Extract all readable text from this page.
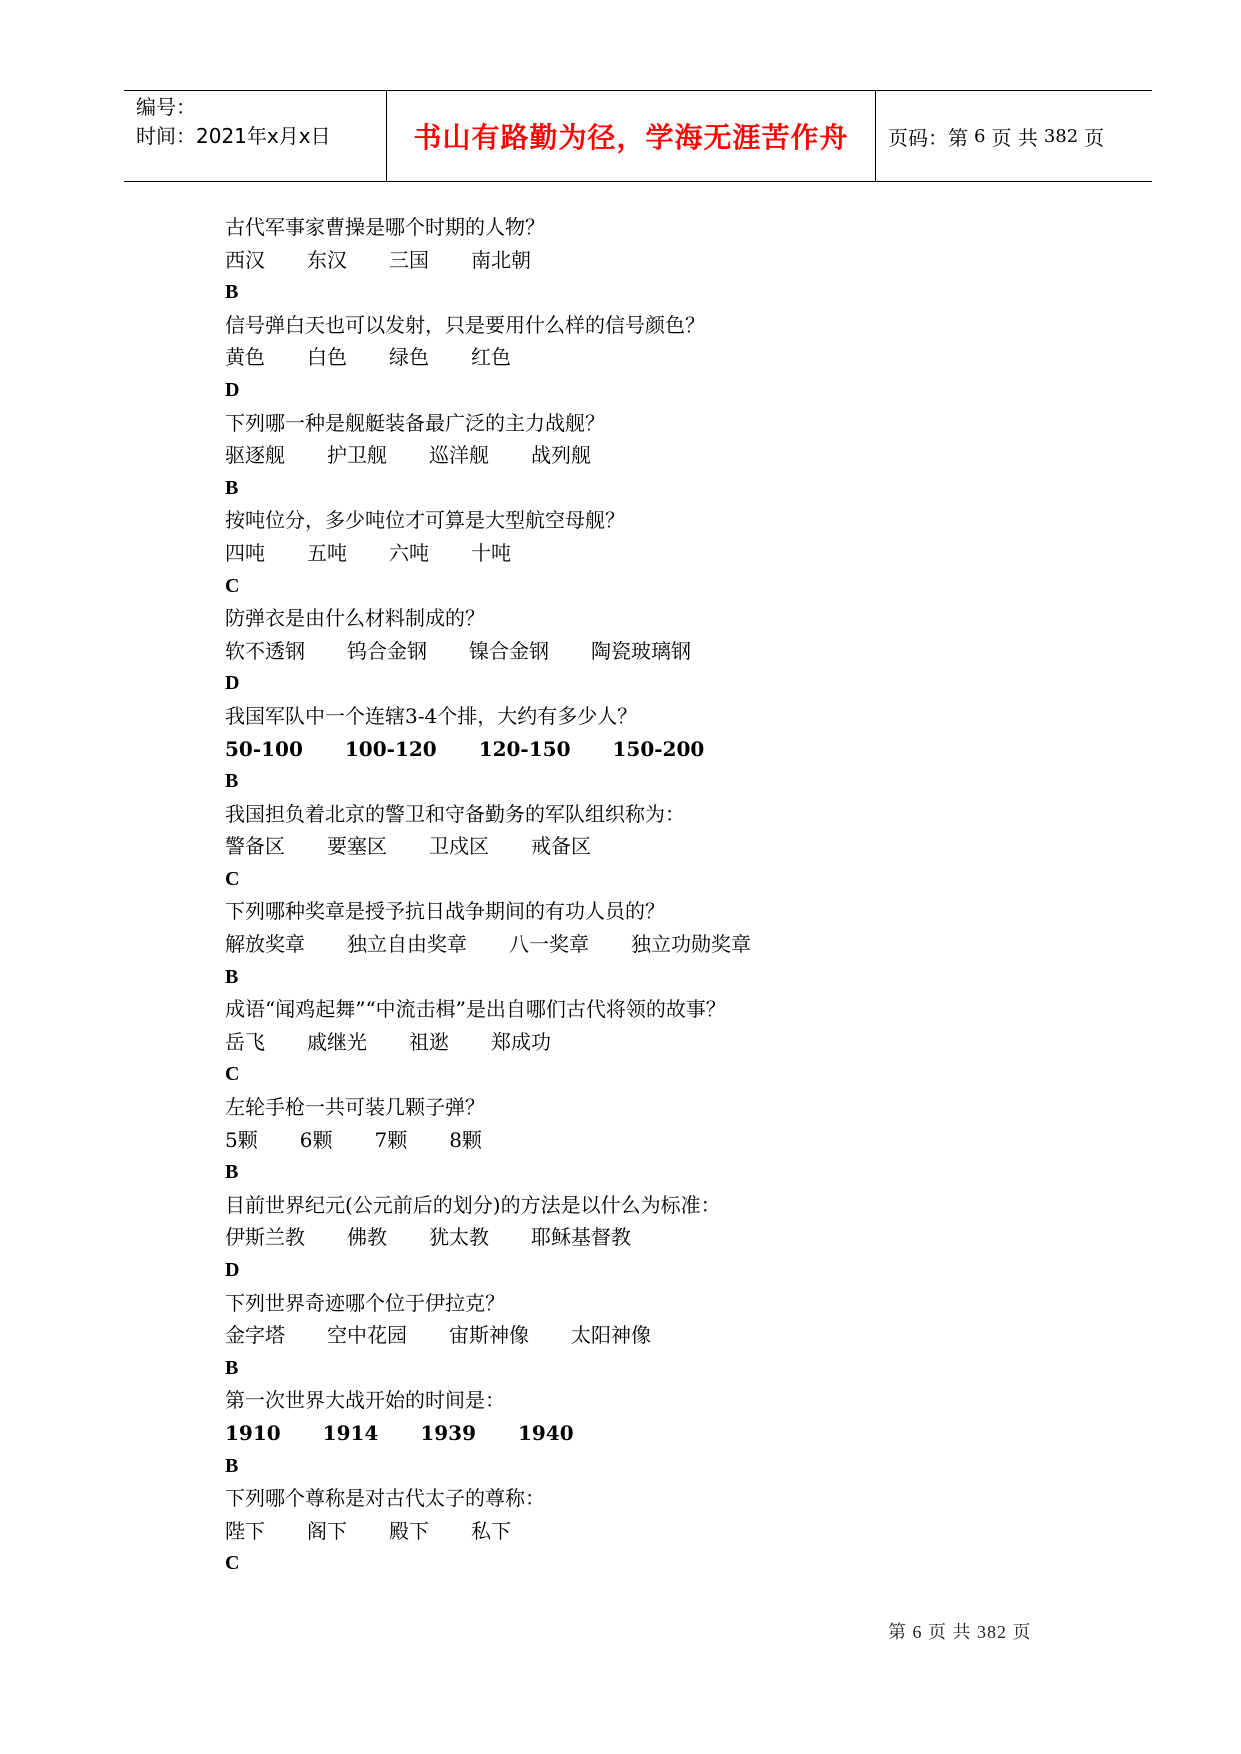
编号：
时间：2021年x月x日	书山有路勤为径，学海无涯苦作舟	页码：第 6 页 共 382 页
古代军事家曹操是哪个时期的人物？
西汉 东汉 三国 南北朝
B
信号弹白天也可以发射，只是要用什么样的信号颜色？
黄色 白色 绿色 红色
D
下列哪一种是舰艇装备最广泛的主力战舰？
驱逐舰 护卫舰 巡洋舰 战列舰
B
按吨位分，多少吨位才可算是大型航空母舰？
四吨 五吨 六吨 十吨
C
防弹衣是由什么材料制成的？
软不透钢 钨合金钢 镍合金钢 陶瓷玻璃钢
D
我国军队中一个连辖3-4个排，大约有多少人？
50-100 100-120 120-150 150-200
B
我国担负着北京的警卫和守备勤务的军队组织称为：
警备区 要塞区 卫戍区 戒备区
C
下列哪种奖章是授予抗日战争期间的有功人员的？
解放奖章 独立自由奖章 八一奖章 独立功勋奖章
B
成语“闻鸡起舞”“中流击楫”是出自哪们古代将领的故事？
岳飞 戚继光 祖逖 郑成功
C
左轮手枪一共可装几颗子弹？
5颗 6颗 7颗 8颗
B
目前世界纪元(公元前后的划分)的方法是以什么为标准：
伊斯兰教 佛教 犹太教 耶稣基督教
D
下列世界奇迹哪个位于伊拉克？
金字塔 空中花园 宙斯神像 太阳神像
B
第一次世界大战开始的时间是：
1910 1914 1939 1940
B
下列哪个尊称是对古代太子的尊称：
陛下 阁下 殿下 私下
C
第 6 页 共 382 页
